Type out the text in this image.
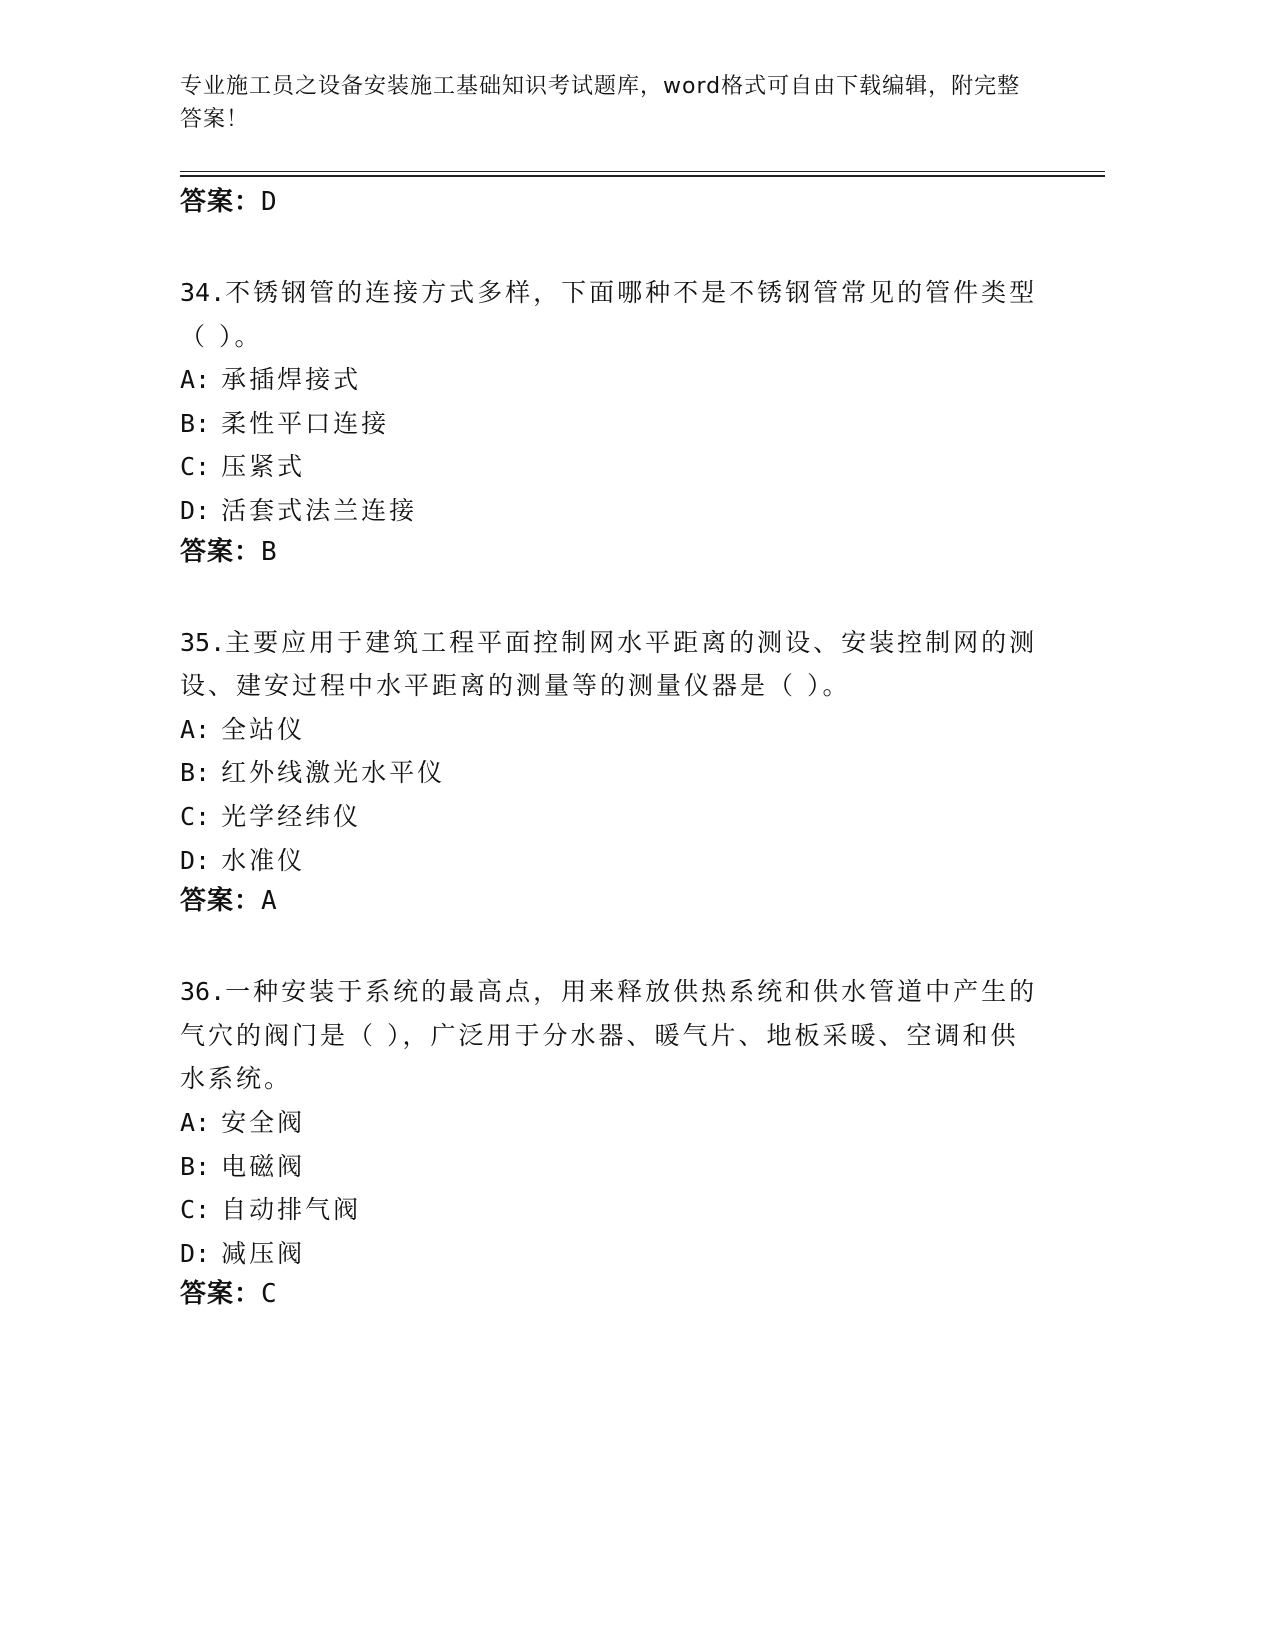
专业施工员之设备安装施工基础知识考试题库，word格式可自由下载编辑，附完整答案！
答案：D
34.不锈钢管的连接方式多样，下面哪种不是不锈钢管常见的管件类型（ ）。
A: 承插焊接式
B: 柔性平口连接
C: 压紧式
D: 活套式法兰连接
答案：B
35.主要应用于建筑工程平面控制网水平距离的测设、安装控制网的测设、建安过程中水平距离的测量等的测量仪器是（ ）。
A: 全站仪
B: 红外线激光水平仪
C: 光学经纬仪
D: 水准仪
答案：A
36.一种安装于系统的最高点，用来释放供热系统和供水管道中产生的气穴的阀门是（ ），广泛用于分水器、暖气片、地板采暖、空调和供水系统。
A: 安全阀
B: 电磁阀
C: 自动排气阀
D: 减压阀
答案：C
